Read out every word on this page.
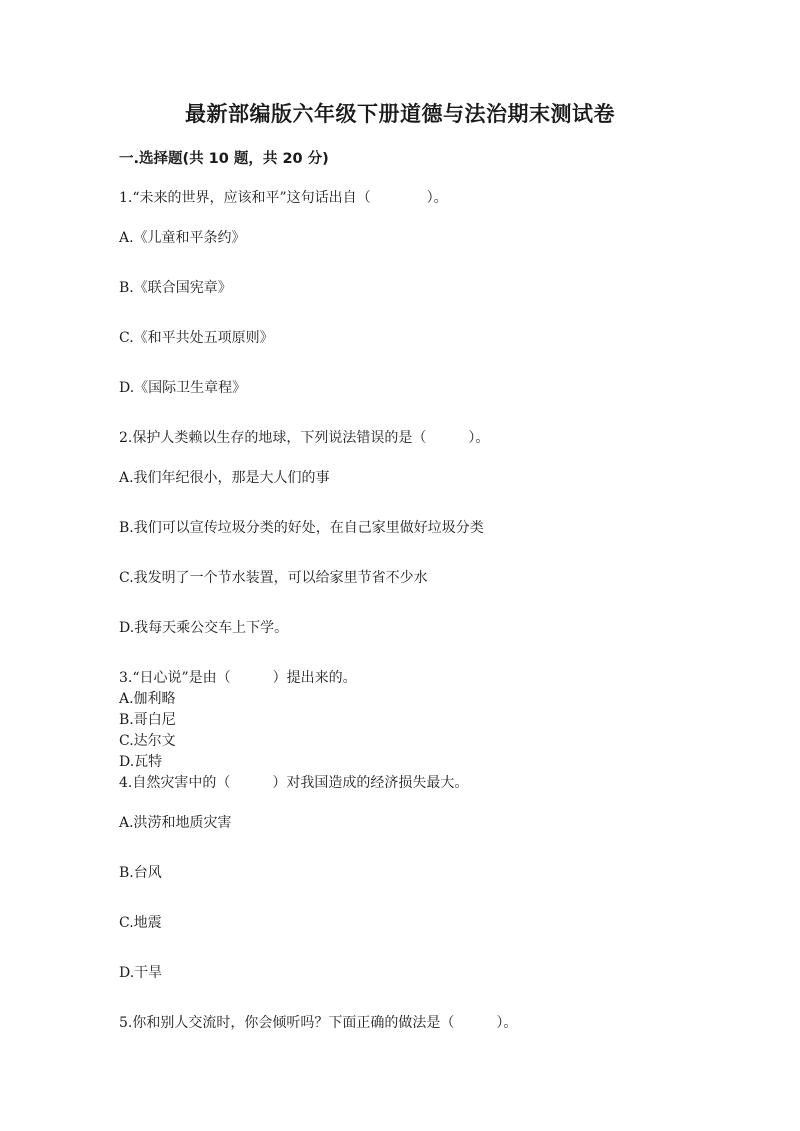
最新部编版六年级下册道德与法治期末测试卷
一.选择题(共 10 题，共 20 分)

1.“未来的世界，应该和平”这句话出自（　　　　）。

A.《儿童和平条约》

B.《联合国宪章》

C.《和平共处五项原则》

D.《国际卫生章程》

2.保护人类赖以生存的地球，下列说法错误的是（　　　）。

A.我们年纪很小，那是大人们的事

B.我们可以宣传垃圾分类的好处，在自己家里做好垃圾分类

C.我发明了一个节水装置，可以给家里节省不少水

D.我每天乘公交车上下学。

3.“日心说”是由（　　　）提出来的。

A.伽利略

B.哥白尼

C.达尔文

D.瓦特

4.自然灾害中的（　　　）对我国造成的经济损失最大。

A.洪涝和地质灾害

B.台风

C.地震

D.干旱

5.你和别人交流时，你会倾听吗？下面正确的做法是（　　　）。
